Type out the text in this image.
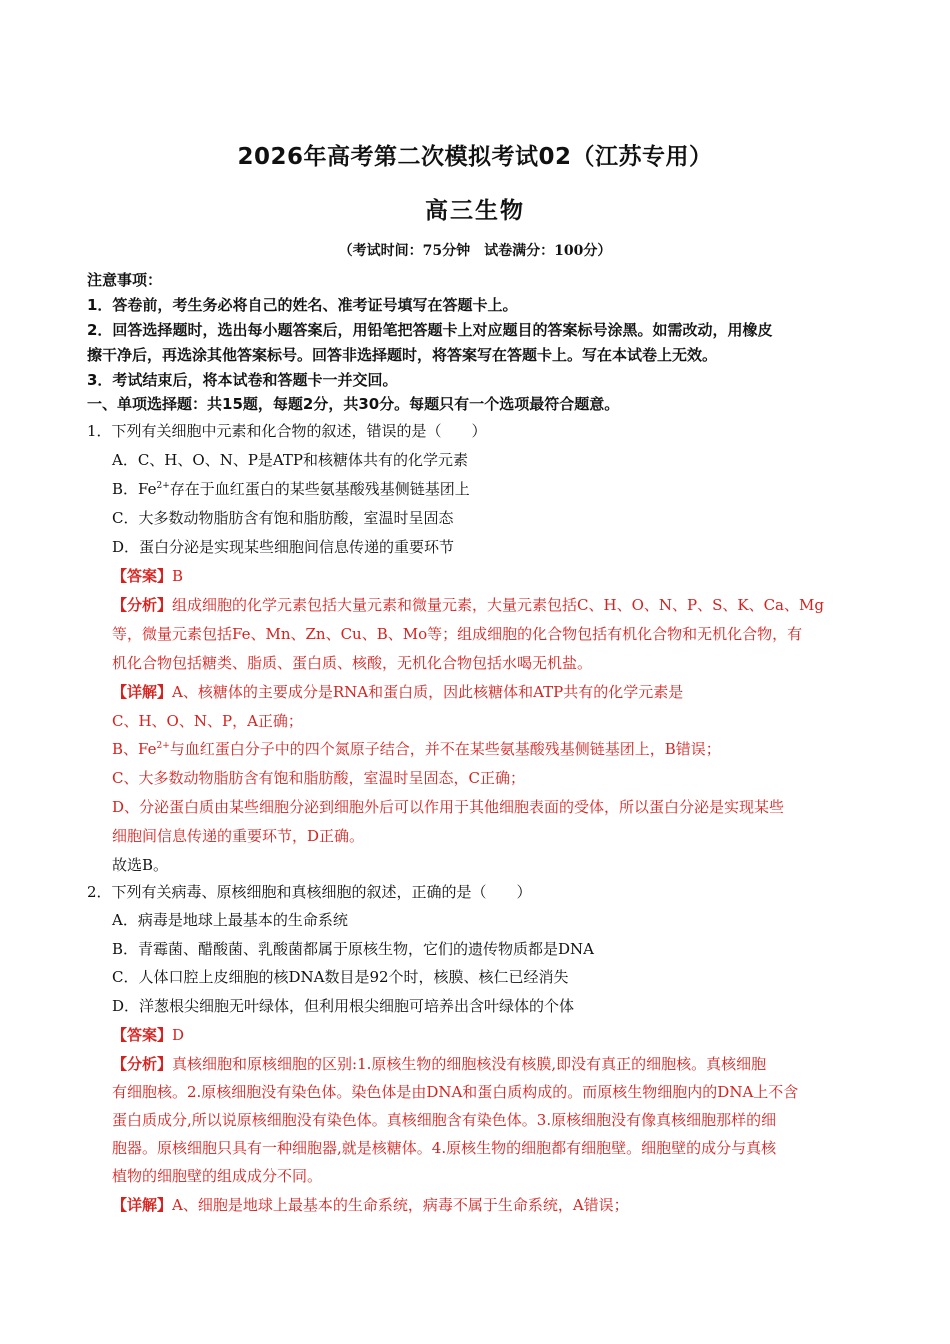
2026年高考第二次模拟考试02（江苏专用）
高三生物
（考试时间：75分钟　试卷满分：100分）
注意事项：
1．答卷前，考生务必将自己的姓名、准考证号填写在答题卡上。
2．回答选择题时，选出每小题答案后，用铅笔把答题卡上对应题目的答案标号涂黑。如需改动，用橡皮
擦干净后，再选涂其他答案标号。回答非选择题时，将答案写在答题卡上。写在本试卷上无效。
3．考试结束后，将本试卷和答题卡一并交回。
一、单项选择题：共15题，每题2分，共30分。每题只有一个选项最符合题意。
1．下列有关细胞中元素和化合物的叙述，错误的是（　　）
A．C、H、O、N、P是ATP和核糖体共有的化学元素
B．$Fe^{2+}$存在于血红蛋白的某些氨基酸残基侧链基团上
C．大多数动物脂肪含有饱和脂肪酸，室温时呈固态
D．蛋白分泌是实现某些细胞间信息传递的重要环节
【答案】B
【分析】组成细胞的化学元素包括大量元素和微量元素，大量元素包括C、H、O、N、P、S、K、Ca、Mg
等，微量元素包括Fe、Mn、Zn、Cu、B、Mo等；组成细胞的化合物包括有机化合物和无机化合物，有
机化合物包括糖类、脂质、蛋白质、核酸，无机化合物包括水喝无机盐。
【详解】A、核糖体的主要成分是RNA和蛋白质，因此核糖体和ATP共有的化学元素是
C、H、O、N、P，A正确；
B、$Fe^{2+}$与血红蛋白分子中的四个氮原子结合，并不在某些氨基酸残基侧链基团上，B错误；
C、大多数动物脂肪含有饱和脂肪酸，室温时呈固态，C正确；
D、分泌蛋白质由某些细胞分泌到细胞外后可以作用于其他细胞表面的受体，所以蛋白分泌是实现某些
细胞间信息传递的重要环节，D正确。
故选B。
2．下列有关病毒、原核细胞和真核细胞的叙述，正确的是（　　）
A．病毒是地球上最基本的生命系统
B．青霉菌、醋酸菌、乳酸菌都属于原核生物，它们的遗传物质都是DNA
C．人体口腔上皮细胞的核DNA数目是92个时，核膜、核仁已经消失
D．洋葱根尖细胞无叶绿体，但利用根尖细胞可培养出含叶绿体的个体
【答案】D
【分析】真核细胞和原核细胞的区别:1.原核生物的细胞核没有核膜,即没有真正的细胞核。真核细胞
有细胞核。2.原核细胞没有染色体。染色体是由DNA和蛋白质构成的。而原核生物细胞内的DNA上不含
蛋白质成分,所以说原核细胞没有染色体。真核细胞含有染色体。3.原核细胞没有像真核细胞那样的细
胞器。原核细胞只具有一种细胞器,就是核糖体。4.原核生物的细胞都有细胞壁。细胞壁的成分与真核
植物的细胞壁的组成成分不同。
【详解】A、细胞是地球上最基本的生命系统，病毒不属于生命系统，A错误；
